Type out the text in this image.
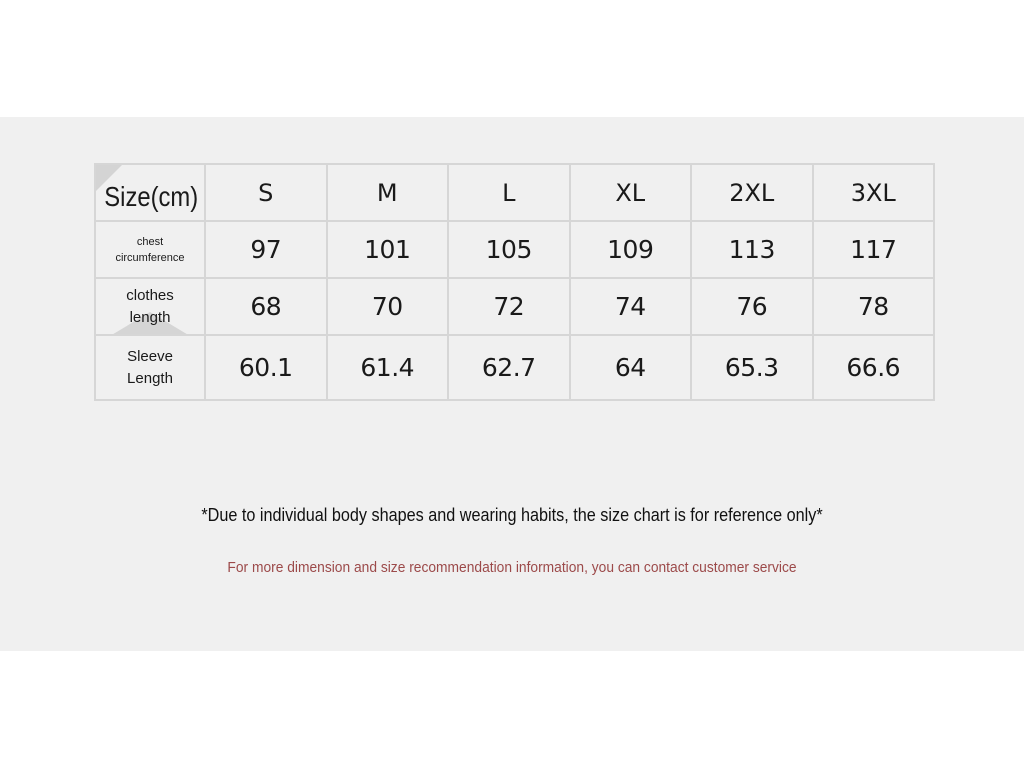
Size(cm)	S	M	L	XL	2XL	3XL

chest
circumference	97	101	105	109	113	117

clothes
length	68	70	72	74	76	78

Sleeve
Length	60.1	61.4	62.7	64	65.3	66.6
*Due to individual body shapes and wearing habits, the size chart is for reference only*
For more dimension and size recommendation information, you can contact customer service
